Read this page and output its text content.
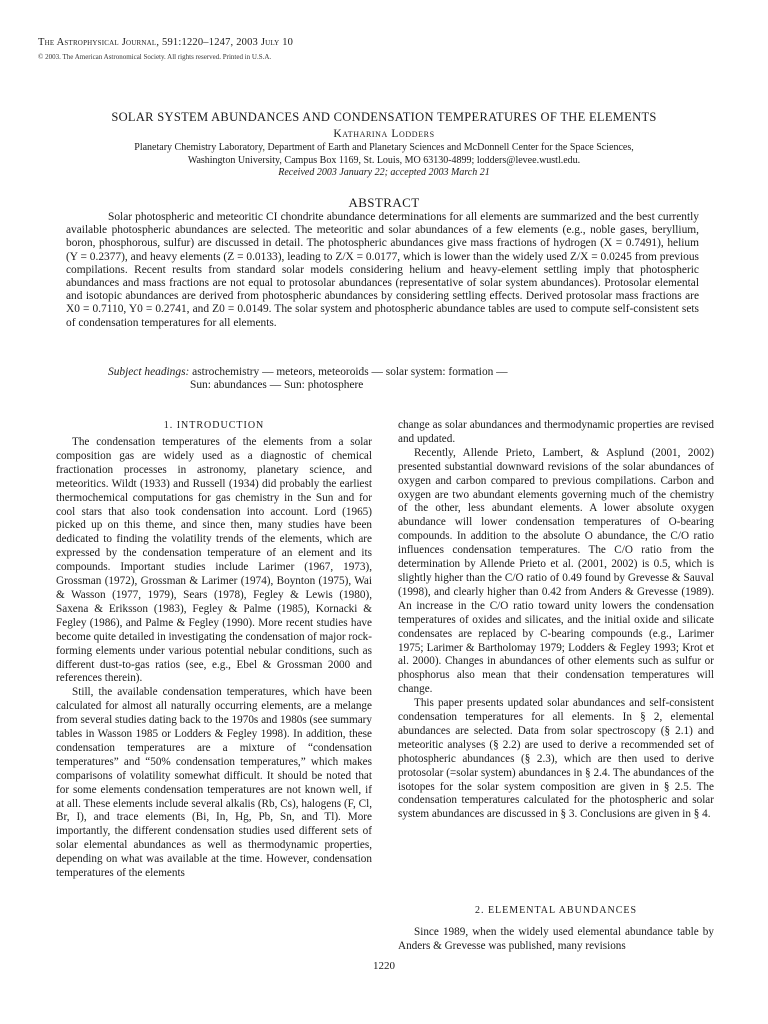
The Astrophysical Journal, 591:1220–1247, 2003 July 10
© 2003. The American Astronomical Society. All rights reserved. Printed in U.S.A.
SOLAR SYSTEM ABUNDANCES AND CONDENSATION TEMPERATURES OF THE ELEMENTS
Katharina Lodders
Planetary Chemistry Laboratory, Department of Earth and Planetary Sciences and McDonnell Center for the Space Sciences,
Washington University, Campus Box 1169, St. Louis, MO 63130-4899; lodders@levee.wustl.edu.
Received 2003 January 22; accepted 2003 March 21
ABSTRACT
Solar photospheric and meteoritic CI chondrite abundance determinations for all elements are summarized and the best currently available photospheric abundances are selected. The meteoritic and solar abundances of a few elements (e.g., noble gases, beryllium, boron, phosphorous, sulfur) are discussed in detail. The photospheric abundances give mass fractions of hydrogen (X = 0.7491), helium (Y = 0.2377), and heavy elements (Z = 0.0133), leading to Z/X = 0.0177, which is lower than the widely used Z/X = 0.0245 from previous compilations. Recent results from standard solar models considering helium and heavy-element settling imply that photospheric abundances and mass fractions are not equal to protosolar abundances (representative of solar system abundances). Protosolar elemental and isotopic abundances are derived from photospheric abundances by considering settling effects. Derived protosolar mass fractions are X0 = 0.7110, Y0 = 0.2741, and Z0 = 0.0149. The solar system and photospheric abundance tables are used to compute self-consistent sets of condensation temperatures for all elements.
Subject headings: astrochemistry — meteors, meteoroids — solar system: formation —
Sun: abundances — Sun: photosphere
1. INTRODUCTION

The condensation temperatures of the elements from a solar composition gas are widely used as a diagnostic of chemical fractionation processes in astronomy, planetary science, and meteoritics. Wildt (1933) and Russell (1934) did probably the earliest thermochemical computations for gas chemistry in the Sun and for cool stars that also took condensation into account. Lord (1965) picked up on this theme, and since then, many studies have been dedicated to finding the volatility trends of the elements, which are expressed by the condensation temperature of an element and its compounds. Important studies include Larimer (1967, 1973), Grossman (1972), Grossman & Larimer (1974), Boynton (1975), Wai & Wasson (1977, 1979), Sears (1978), Fegley & Lewis (1980), Saxena & Eriksson (1983), Fegley & Palme (1985), Kornacki & Fegley (1986), and Palme & Fegley (1990). More recent studies have become quite detailed in investigating the condensation of major rock-forming elements under various potential nebular conditions, such as different dust-to-gas ratios (see, e.g., Ebel & Grossman 2000 and references therein).

Still, the available condensation temperatures, which have been calculated for almost all naturally occurring elements, are a melange from several studies dating back to the 1970s and 1980s (see summary tables in Wasson 1985 or Lodders & Fegley 1998). In addition, these condensation temperatures are a mixture of “condensation temperatures” and “50% condensation temperatures,” which makes comparisons of volatility somewhat difficult. It should be noted that for some elements condensation temperatures are not known well, if at all. These elements include several alkalis (Rb, Cs), halogens (F, Cl, Br, I), and trace elements (Bi, In, Hg, Pb, Sn, and Tl). More importantly, the different condensation studies used different sets of solar elemental abundances as well as thermodynamic properties, depending on what was available at the time. However, condensation temperatures of the elements

change as solar abundances and thermodynamic properties are revised and updated.

Recently, Allende Prieto, Lambert, & Asplund (2001, 2002) presented substantial downward revisions of the solar abundances of oxygen and carbon compared to previous compilations. Carbon and oxygen are two abundant elements governing much of the chemistry of the other, less abundant elements. A lower absolute oxygen abundance will lower condensation temperatures of O-bearing compounds. In addition to the absolute O abundance, the C/O ratio influences condensation temperatures. The C/O ratio from the determination by Allende Prieto et al. (2001, 2002) is 0.5, which is slightly higher than the C/O ratio of 0.49 found by Grevesse & Sauval (1998), and clearly higher than 0.42 from Anders & Grevesse (1989). An increase in the C/O ratio toward unity lowers the condensation temperatures of oxides and silicates, and the initial oxide and silicate condensates are replaced by C-bearing compounds (e.g., Larimer 1975; Larimer & Bartholomay 1979; Lodders & Fegley 1993; Krot et al. 2000). Changes in abundances of other elements such as sulfur or phosphorus also mean that their condensation temperatures will change.

This paper presents updated solar abundances and self-consistent condensation temperatures for all elements. In § 2, elemental abundances are selected. Data from solar spectroscopy (§ 2.1) and meteoritic analyses (§ 2.2) are used to derive a recommended set of photospheric abundances (§ 2.3), which are then used to derive protosolar (=solar system) abundances in § 2.4. The abundances of the isotopes for the solar system composition are given in § 2.5. The condensation temperatures calculated for the photospheric and solar system abundances are discussed in § 3. Conclusions are given in § 4.

2. ELEMENTAL ABUNDANCES

Since 1989, when the widely used elemental abundance table by Anders & Grevesse was published, many revisions

1220
